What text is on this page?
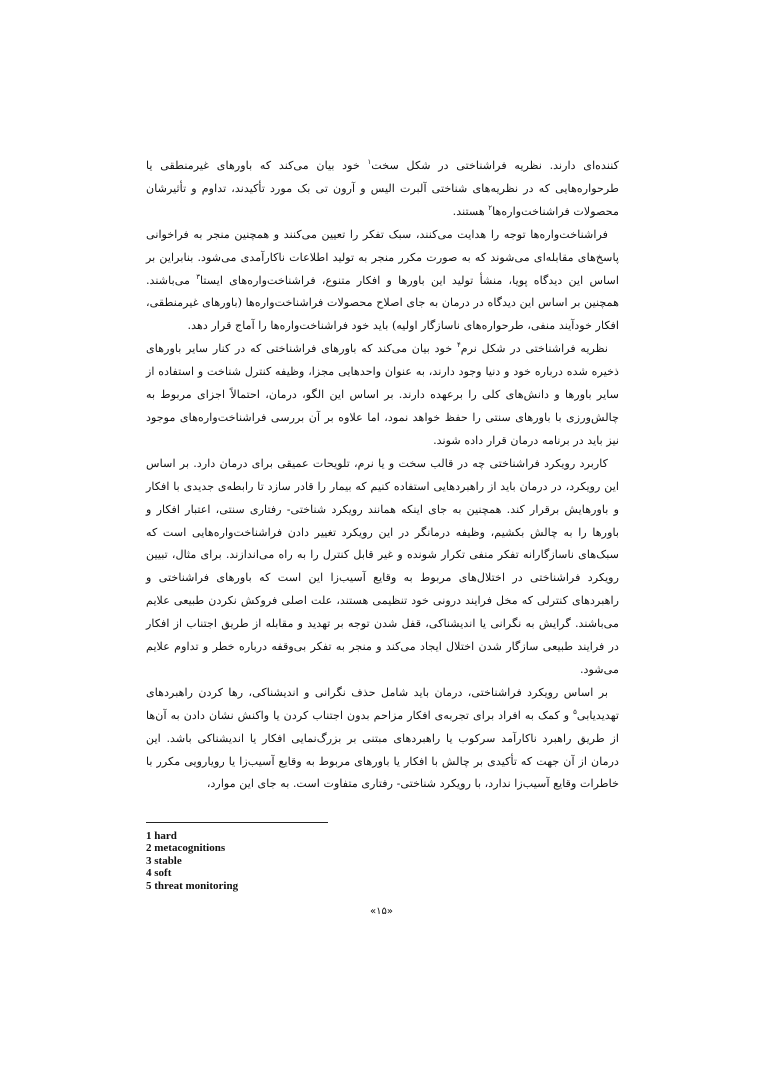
کننده‌ای دارند. نظریه فراشناختی در شکل سخت$^۱$ خود بیان می‌کند که باورهای غیرمنطقی یا طرحواره‌هایی که در نظریه‌های شناختی آلبرت الیس و آرون تی بک مورد تأکیدند، تداوم و تأثیرشان محصولات فراشناخت‌واره‌ها$^۲$ هستند.

فراشناخت‌واره‌ها توجه را هدایت می‌کنند، سبک تفکر را تعیین می‌کنند و همچنین منجر به فراخوانی پاسخ‌های مقابله‌ای می‌شوند که به صورت مکرر منجر به تولید اطلاعات ناکارآمدی می‌شود. بنابراین بر اساس این دیدگاه پویا، منشأ تولید این باورها و افکار متنوع، فراشناخت‌واره‌های ایستا$^۳$ می‌باشند. همچنین بر اساس این دیدگاه در درمان به جای اصلاح محصولات فراشناخت‌واره‌ها (باورهای غیرمنطقی، افکار خودآیند منفی، طرحواره‌های ناسازگار اولیه) باید خود فراشناخت‌واره‌ها را آماج قرار دهد.

نظریه فراشناختی در شکل نرم$^۴$ خود بیان می‌کند که باورهای فراشناختی که در کنار سایر باورهای ذخیره شده درباره خود و دنیا وجود دارند، به عنوان واحدهایی مجزا، وظیفه کنترل شناخت و استفاده از سایر باورها و دانش‌های کلی را برعهده دارند. بر اساس این الگو، درمان، احتمالاً اجزای مربوط به چالش‌ورزی با باورهای سنتی را حفظ خواهد نمود، اما علاوه بر آن بررسی فراشناخت‌واره‌های موجود نیز باید در برنامه درمان قرار داده شوند.

کاربرد رویکرد فراشناختی چه در قالب سخت و یا نرم، تلویحات عمیقی برای درمان دارد. بر اساس این رویکرد، در درمان باید از راهبردهایی استفاده کنیم که بیمار را قادر سازد تا رابطه‌ی جدیدی با افکار و باورهایش برقرار کند. همچنین به جای اینکه همانند رویکرد شناختی- رفتاری سنتی، اعتبار افکار و باورها را به چالش بکشیم، وظیفه درمانگر در این رویکرد تغییر دادن فراشناخت‌واره‌هایی است که سبک‌های ناسازگارانه تفکر منفی تکرار شونده و غیر قابل کنترل را به راه می‌اندازند. برای مثال، تبیین رویکرد فراشناختی در اختلال‌های مربوط به وقایع آسیب‌زا این است که باورهای فراشناختی و راهبردهای کنترلی که مخل فرایند درونی خود تنظیمی هستند، علت اصلی فروکش نکردن طبیعی علایم می‌باشند. گرایش به نگرانی یا اندیشناکی، قفل شدن توجه بر تهدید و مقابله از طریق اجتناب از افکار در فرایند طبیعی سازگار شدن اختلال ایجاد می‌کند و منجر به تفکر بی‌وقفه درباره خطر و تداوم علایم می‌شود.

بر اساس رویکرد فراشناختی، درمان باید شامل حذف نگرانی و اندیشناکی، رها کردن راهبردهای تهدیدیابی$^۵$ و کمک به افراد برای تجربه‌ی افکار مزاحم بدون اجتناب کردن یا واکنش نشان دادن به آن‌ها از طریق راهبرد ناکارآمد سرکوب یا راهبردهای مبتنی بر بزرگ‌نمایی افکار یا اندیشناکی باشد. این درمان از آن جهت که تأکیدی بر چالش با افکار یا باورهای مربوط به وقایع آسیب‌زا یا رویارویی مکرر با خاطرات وقایع آسیب‌زا ندارد، با رویکرد شناختی- رفتاری متفاوت است. به جای این موارد،

1 hard
2 metacognitions
3 stable
4 soft
5 threat monitoring
«۱۵»
